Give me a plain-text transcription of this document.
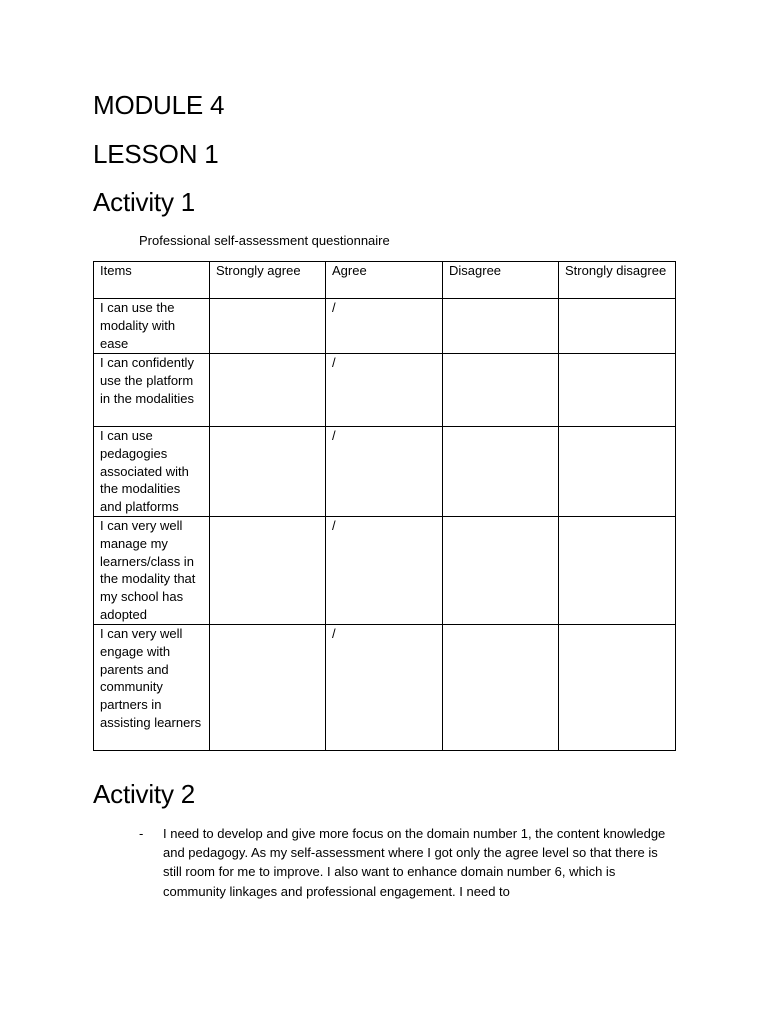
MODULE 4
LESSON 1
Activity 1
Professional self-assessment questionnaire
Items	Strongly agree	Agree	Disagree	Strongly disagree
I can use the modality with ease		/		
I can confidently use the platform in the modalities		/		
I can use pedagogies associated with the modalities and platforms		/		
I can very well manage my learners/class in the modality that my school has adopted		/		
I can very well engage with parents and community partners in assisting learners		/		
Activity 2
- I need to develop and give more focus on the domain number 1, the content knowledge and pedagogy. As my self-assessment where I got only the agree level so that there is still room for me to improve. I also want to enhance domain number 6, which is community linkages and professional engagement. I need to
